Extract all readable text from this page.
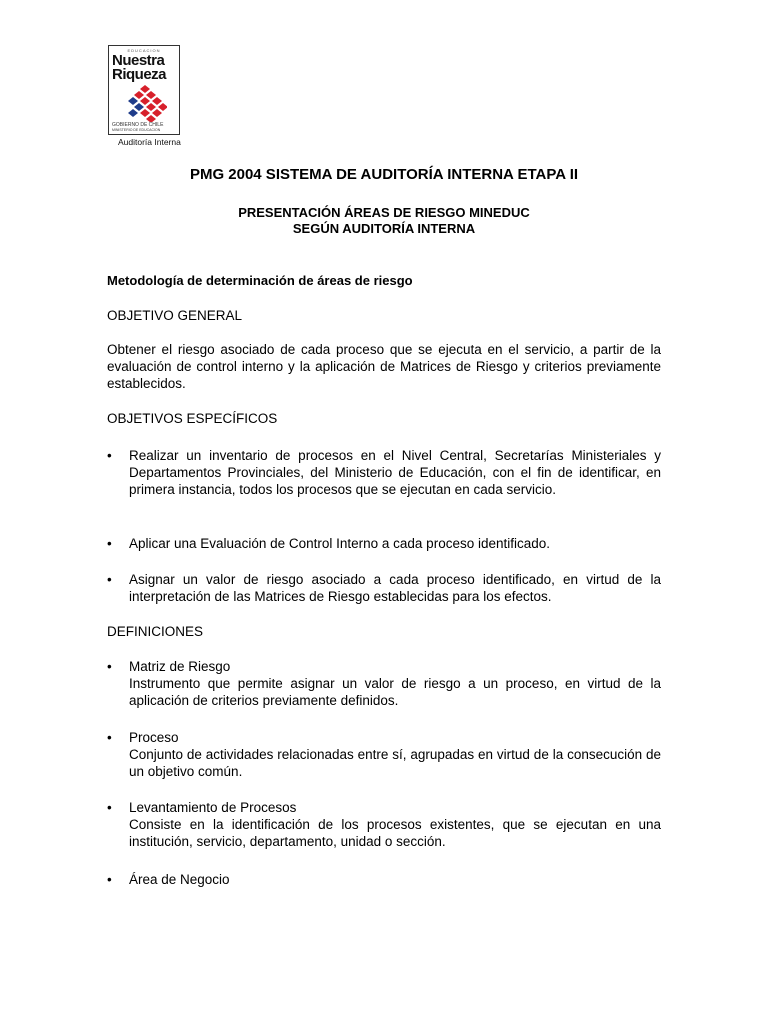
EDUCACION
Nuestra
Riqueza
GOBIERNO DE CHILE
MINISTERIO DE EDUCACION
Auditoría Interna
PMG 2004 SISTEMA DE AUDITORÍA INTERNA ETAPA II
PRESENTACIÓN ÁREAS DE RIESGO MINEDUC
SEGÚN AUDITORÍA INTERNA
Metodología de determinación de áreas de riesgo
OBJETIVO GENERAL
Obtener el riesgo asociado de cada proceso que se ejecuta en el servicio, a partir de la evaluación de control interno y la aplicación de Matrices de Riesgo y criterios previamente establecidos.
OBJETIVOS ESPECÍFICOS
•	Realizar un inventario de procesos en el Nivel Central, Secretarías Ministeriales y Departamentos Provinciales, del Ministerio de Educación, con el fin de identificar, en primera instancia, todos los procesos que se ejecutan en cada servicio.
•	Aplicar una Evaluación de Control Interno a cada proceso identificado.
•	Asignar un valor de riesgo asociado a cada proceso identificado, en virtud de la interpretación de las Matrices de Riesgo establecidas para los efectos.
DEFINICIONES
•	Matriz de Riesgo
Instrumento que permite asignar un valor de riesgo a un proceso, en virtud de la aplicación de criterios previamente definidos.
•	Proceso
Conjunto de actividades relacionadas entre sí, agrupadas en virtud de la consecución de un objetivo común.
•	Levantamiento de Procesos
Consiste en la identificación de los procesos existentes, que se ejecutan en una institución, servicio, departamento, unidad o sección.
•	Área de Negocio
